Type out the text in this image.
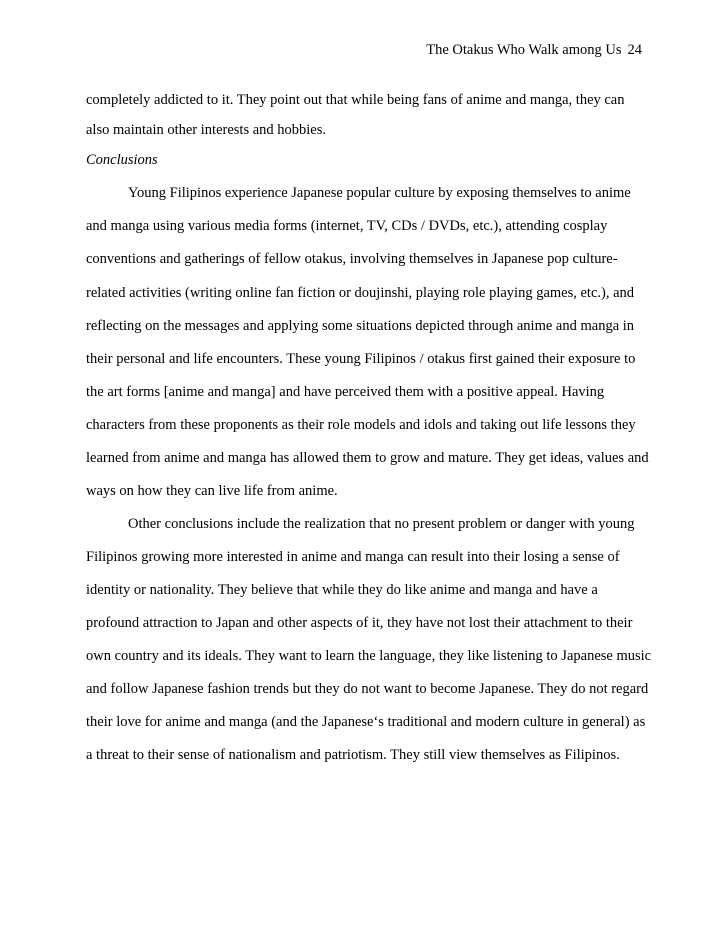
The Otakus Who Walk among Us 24
completely addicted to it. They point out that while being fans of anime and manga, they can
also maintain other interests and hobbies.
Conclusions
Young Filipinos experience Japanese popular culture by exposing themselves to anime
and manga using various media forms (internet, TV, CDs / DVDs, etc.), attending cosplay
conventions and gatherings of fellow otakus, involving themselves in Japanese pop culture-
related activities (writing online fan fiction or doujinshi, playing role playing games, etc.), and
reflecting on the messages and applying some situations depicted through anime and manga in
their personal and life encounters. These young Filipinos / otakus first gained their exposure to
the art forms [anime and manga] and have perceived them with a positive appeal. Having
characters from these proponents as their role models and idols and taking out life lessons they
learned from anime and manga has allowed them to grow and mature. They get ideas, values and
ways on how they can live life from anime.
Other conclusions include the realization that no present problem or danger with young
Filipinos growing more interested in anime and manga can result into their losing a sense of
identity or nationality. They believe that while they do like anime and manga and have a
profound attraction to Japan and other aspects of it, they have not lost their attachment to their
own country and its ideals. They want to learn the language, they like listening to Japanese music
and follow Japanese fashion trends but they do not want to become Japanese. They do not regard
their love for anime and manga (and the Japanese‘s traditional and modern culture in general) as
a threat to their sense of nationalism and patriotism. They still view themselves as Filipinos.
